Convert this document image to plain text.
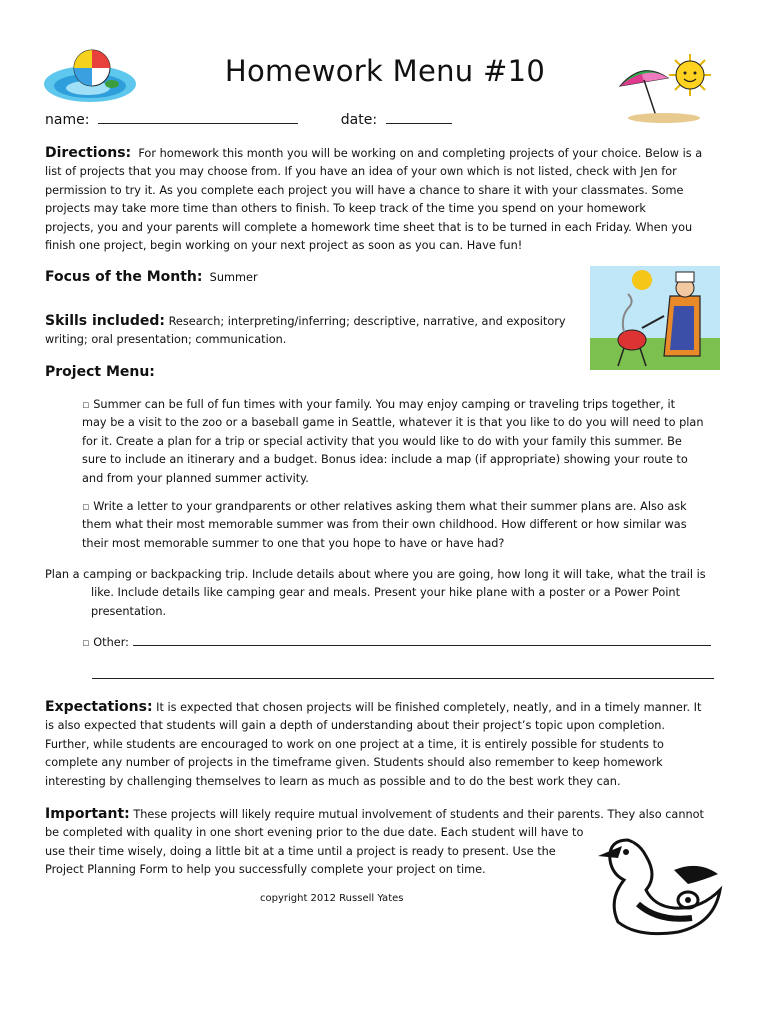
Homework Menu #10
name:	date:
Directions: For homework this month you will be working on and completing projects of your choice. Below is a
list of projects that you may choose from. If you have an idea of your own which is not listed, check with Jen for
permission to try it. As you complete each project you will have a chance to share it with your classmates. Some
projects may take more time than others to finish. To keep track of the time you spend on your homework
projects, you and your parents will complete a homework time sheet that is to be turned in each Friday. When you
finish one project, begin working on your next project as soon as you can. Have fun!
Focus of the Month: Summer
Skills included: Research; interpreting/inferring; descriptive, narrative, and expository
writing; oral presentation; communication.
Project Menu:
▫ Summer can be full of fun times with your family. You may enjoy camping or traveling trips together, it
may be a visit to the zoo or a baseball game in Seattle, whatever it is that you like to do you will need to plan
for it. Create a plan for a trip or special activity that you would like to do with your family this summer. Be
sure to include an itinerary and a budget. Bonus idea: include a map (if appropriate) showing your route to
and from your planned summer activity.
▫ Write a letter to your grandparents or other relatives asking them what their summer plans are. Also ask
them what their most memorable summer was from their own childhood. How different or how similar was
their most memorable summer to one that you hope to have or have had?
Plan a camping or backpacking trip. Include details about where you are going, how long it will take, what the trail is
like. Include details like camping gear and meals. Present your hike plane with a poster or a Power Point
presentation.
▫ Other:
Expectations: It is expected that chosen projects will be finished completely, neatly, and in a timely manner. It
is also expected that students will gain a depth of understanding about their project’s topic upon completion.
Further, while students are encouraged to work on one project at a time, it is entirely possible for students to
complete any number of projects in the timeframe given. Students should also remember to keep homework
interesting by challenging themselves to learn as much as possible and to do the best work they can.
Important: These projects will likely require mutual involvement of students and their parents. They also cannot
be completed with quality in one short evening prior to the due date. Each student will have to
use their time wisely, doing a little bit at a time until a project is ready to present. Use the
Project Planning Form to help you successfully complete your project on time.
copyright 2012 Russell Yates
